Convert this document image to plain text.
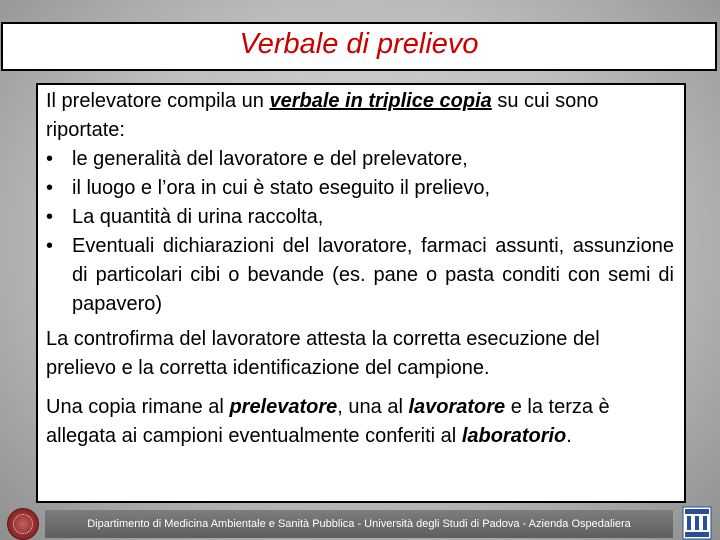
Verbale di prelievo

Il prelevatore compila un verbale in triplice copia su cui sono riportate:

• le generalità del lavoratore e del prelevatore,
• il luogo e l’ora in cui è stato eseguito il prelievo,
• La quantità di urina raccolta,
• Eventuali dichiarazioni del lavoratore, farmaci assunti, assunzione di particolari cibi o bevande (es. pane o pasta conditi con semi di papavero)

La controfirma del lavoratore attesta la corretta esecuzione del prelievo e la corretta identificazione del campione.

Una copia rimane al prelevatore, una al lavoratore e la terza è allegata ai campioni eventualmente conferiti al laboratorio.

Dipartimento di Medicina Ambientale e Sanità Pubblica - Università degli Studi di Padova - Azienda Ospedaliera
